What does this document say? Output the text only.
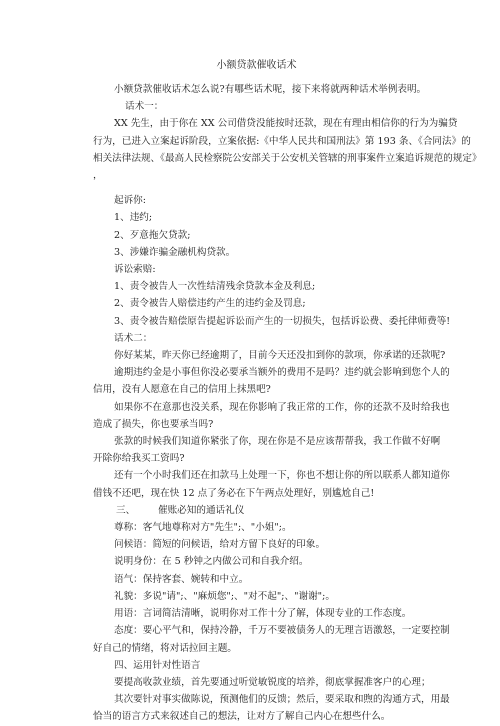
小额贷款催收话术

小额贷款催收话术怎么说?有哪些话术呢，接下来将就两种话术举例表明。

话术一：

XX 先生，由于你在 XX 公司借贷没能按时还款，现在有理由相信你的行为为骗贷

行为，已进入立案起诉阶段，立案依据:《中华人民共和国刑法》第 193 条、《合同法》的

相关法律法规、《最高人民检察院公安部关于公安机关管辖的刑事案件立案追诉规范的规定》

，

起诉你:

1、违约;

2、歹意拖欠贷款;

3、涉嫌诈骗金融机构贷款。

诉讼索赔:

1、责令被告人一次性结清残余贷款本金及利息;

2、责令被告人赔偿违约产生的违约金及罚息;

3、责令被告赔偿原告提起诉讼而产生的一切损失，包括诉讼费、委托律师费等!

话术二：

你好某某，昨天你已经逾期了，目前今天还没扣到你的款项，你承诺的还款呢?

逾期违约金是小事但你没必要承当额外的费用不是吗？违约就会影响到您个人的

信用，没有人愿意在自己的信用上抹黑吧?

如果你不在意那也没关系，现在你影响了我正常的工作，你的还款不及时给我也

造成了损失，你也要承当吗?

张款的时候我们知道你紧张了你，现在你是不是应该帮帮我，我工作做不好啊

开除你给我买工资吗?

还有一个小时我们还在扣款马上处理一下，你也不想让你的所以联系人都知道你

借钱不还吧，现在快 12 点了务必在下午两点处理好，别尴尬自己!

三、 催账必知的通话礼仪

尊称：客气地尊称对方"先生";、"小姐";。

问候语：简短的问候语，给对方留下良好的印象。

说明身份：在 5 秒钟之内做公司和自我介绍。

语气：保持客套、婉转和中立。

礼貌：多说"请";、"麻烦您";、"对不起";、"谢谢";。

用语：言词简洁清晰，说明你对工作十分了解，体现专业的工作态度。

态度：要心平气和，保持冷静，千万不要被债务人的无理言语激怒，一定要控制

好自己的情绪，将对话拉回主题。

四、运用针对性语言

要提高收款业绩，首先要通过听觉敏锐度的培养，彻底掌握准客户的心理；

其次要针对事实做陈说，预测他们的反馈；然后，要采取和煦的沟通方式，用最

恰当的语言方式来叙述自己的想法，让对方了解自己内心在想些什么。
